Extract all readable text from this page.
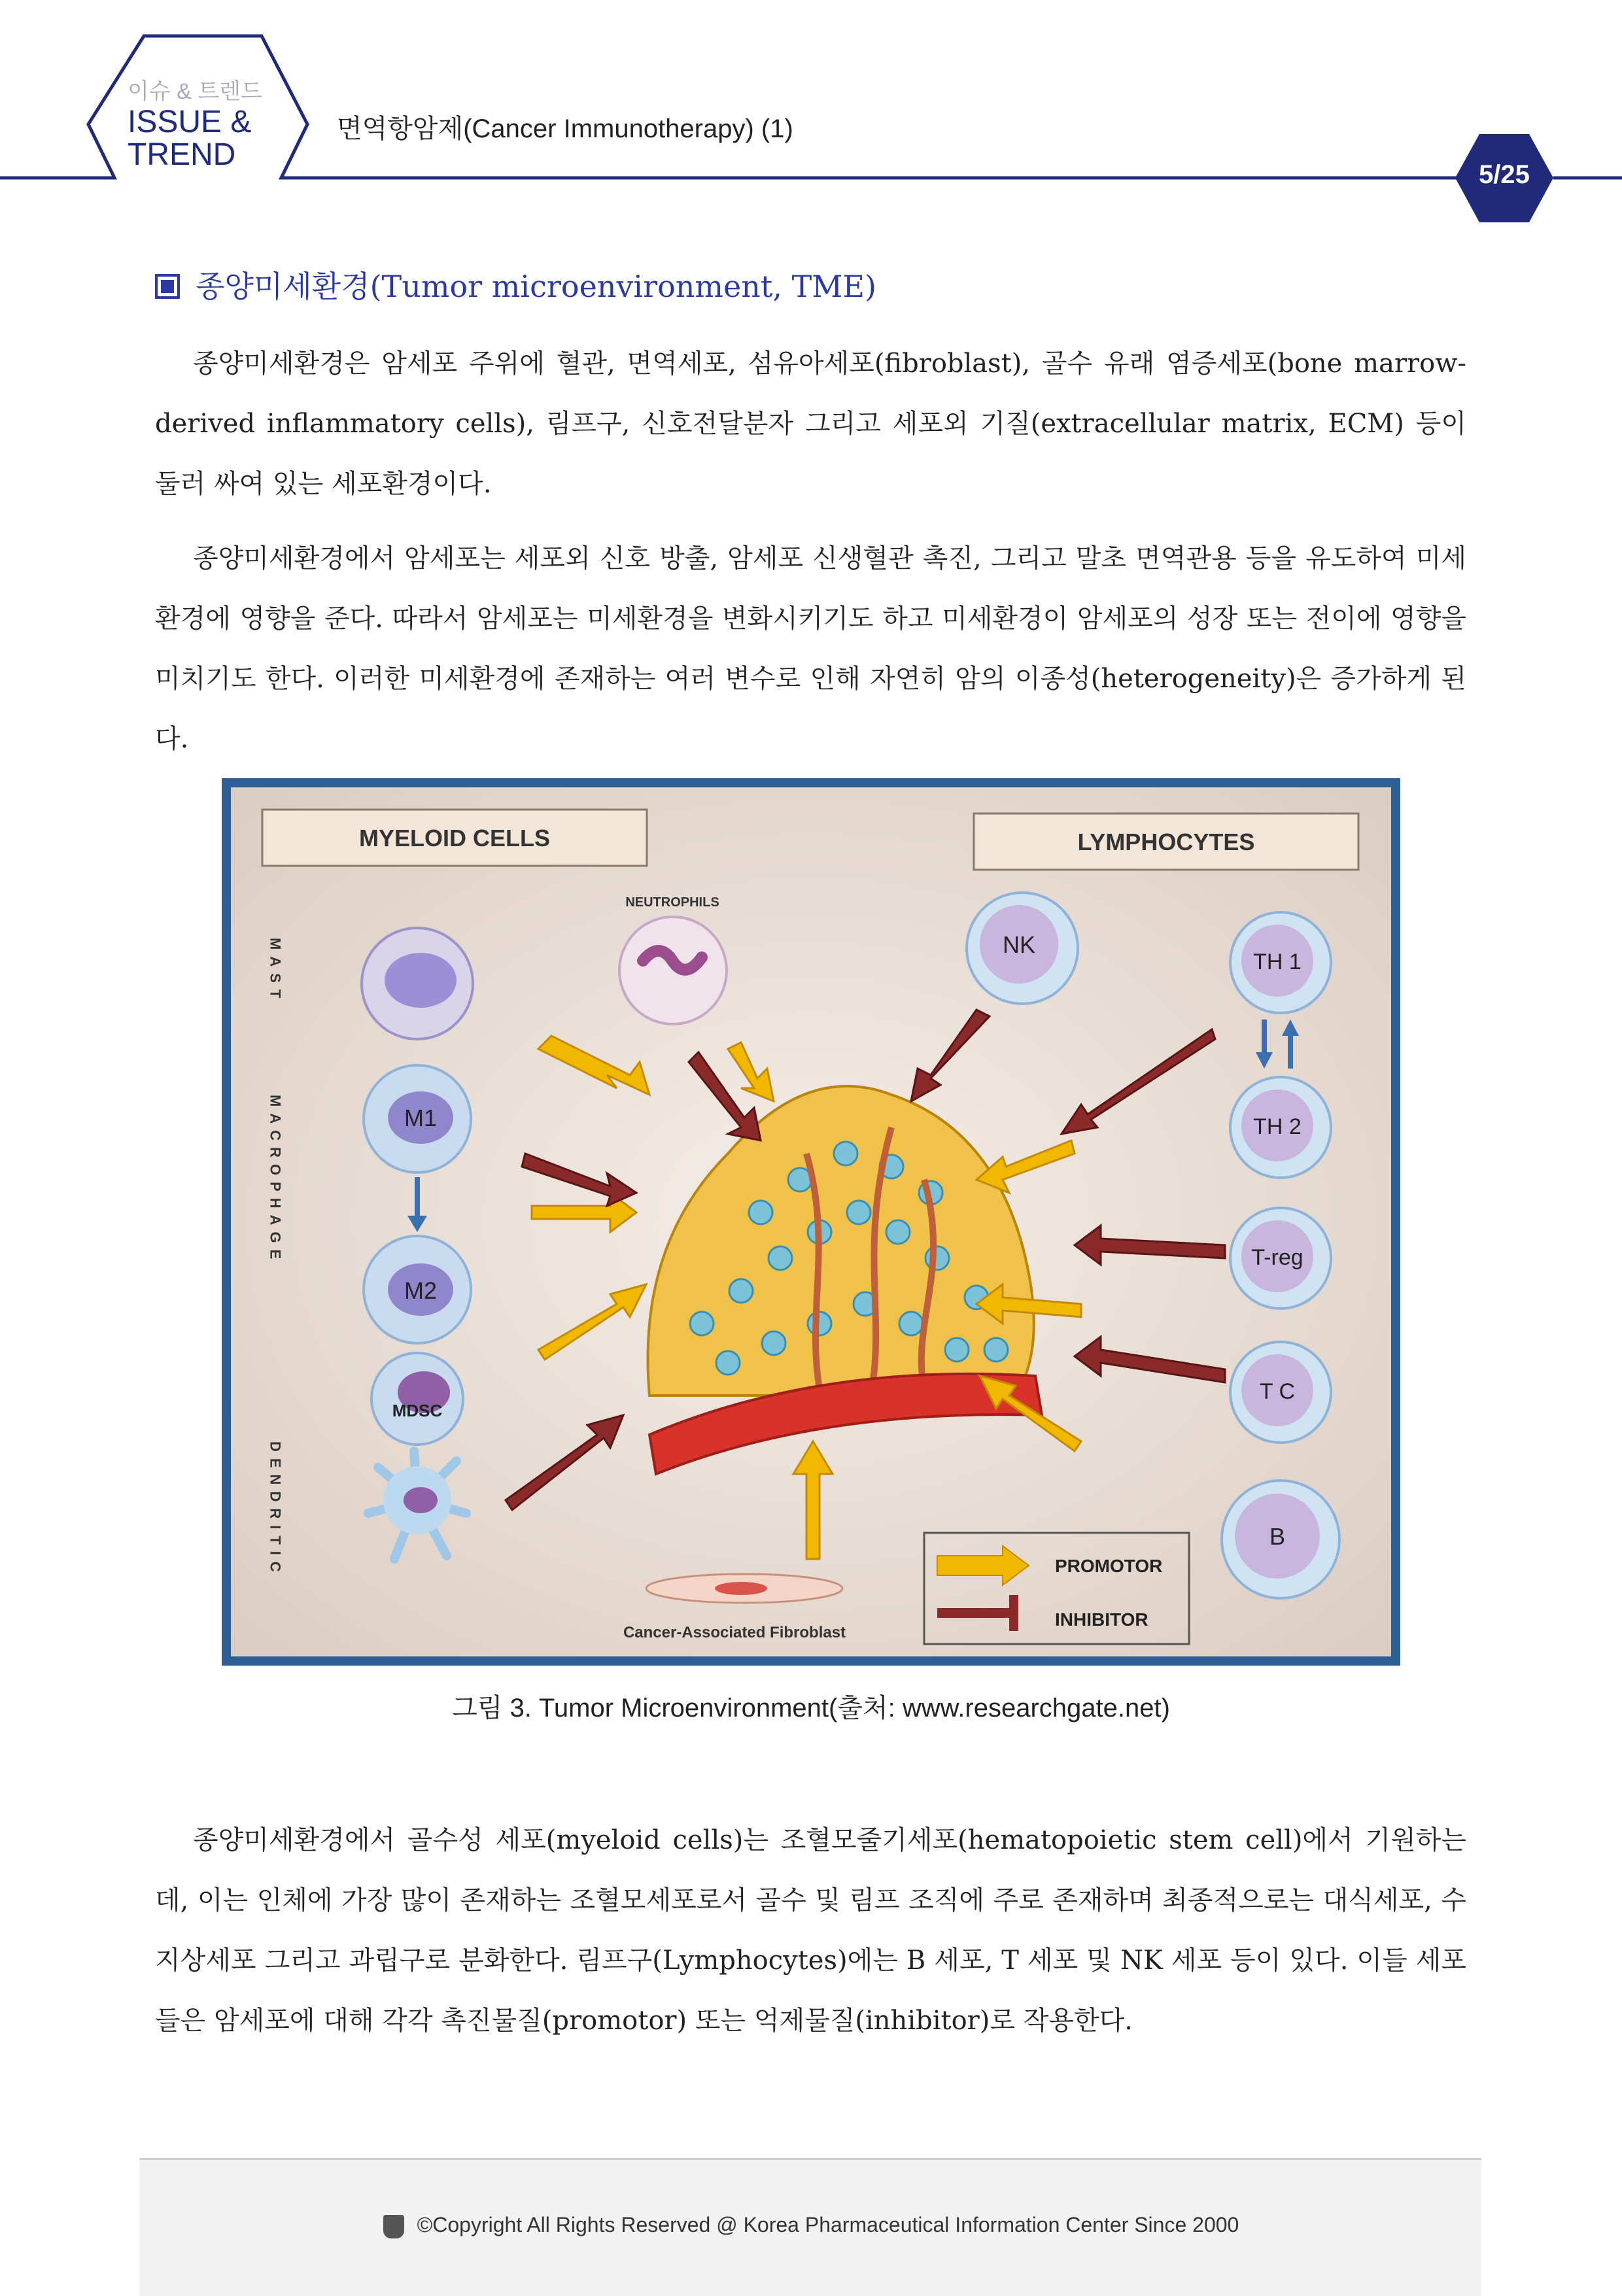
이슈 & 트렌드
ISSUE &
TREND
면역항암제(Cancer Immunotherapy) (1)
5/25
종양미세환경(Tumor microenvironment, TME)
종양미세환경은 암세포 주위에 혈관, 면역세포, 섬유아세포(fibroblast), 골수 유래 염증세포(bone marrow-derived inflammatory cells), 림프구, 신호전달분자 그리고 세포외 기질(extracellular matrix, ECM) 등이 둘러 싸여 있는 세포환경이다.
종양미세환경에서 암세포는 세포외 신호 방출, 암세포 신생혈관 촉진, 그리고 말초 면역관용 등을 유도하여 미세환경에 영향을 준다. 따라서 암세포는 미세환경을 변화시키기도 하고 미세환경이 암세포의 성장 또는 전이에 영향을 미치기도 한다. 이러한 미세환경에 존재하는 여러 변수로 인해 자연히 암의 이종성(heterogeneity)은 증가하게 된다.
MYELOID CELLS	LYMPHOCYTES
MAST
MACROPHAGE
DENDRITIC
M1
M2
MDSC
NEUTROPHILS
NK
TH 1
TH 2
T-reg
T C
B
Cancer-Associated Fibroblast
PROMOTOR
INHIBITOR
그림 3. Tumor Microenvironment(출처: www.researchgate.net)
종양미세환경에서 골수성 세포(myeloid cells)는 조혈모줄기세포(hematopoietic stem cell)에서 기원하는데, 이는 인체에 가장 많이 존재하는 조혈모세포로서 골수 및 림프 조직에 주로 존재하며 최종적으로는 대식세포, 수지상세포 그리고 과립구로 분화한다. 림프구(Lymphocytes)에는 B 세포, T 세포 및 NK 세포 등이 있다. 이들 세포들은 암세포에 대해 각각 촉진물질(promotor) 또는 억제물질(inhibitor)로 작용한다.
©Copyright All Rights Reserved @ Korea Pharmaceutical Information Center Since 2000
